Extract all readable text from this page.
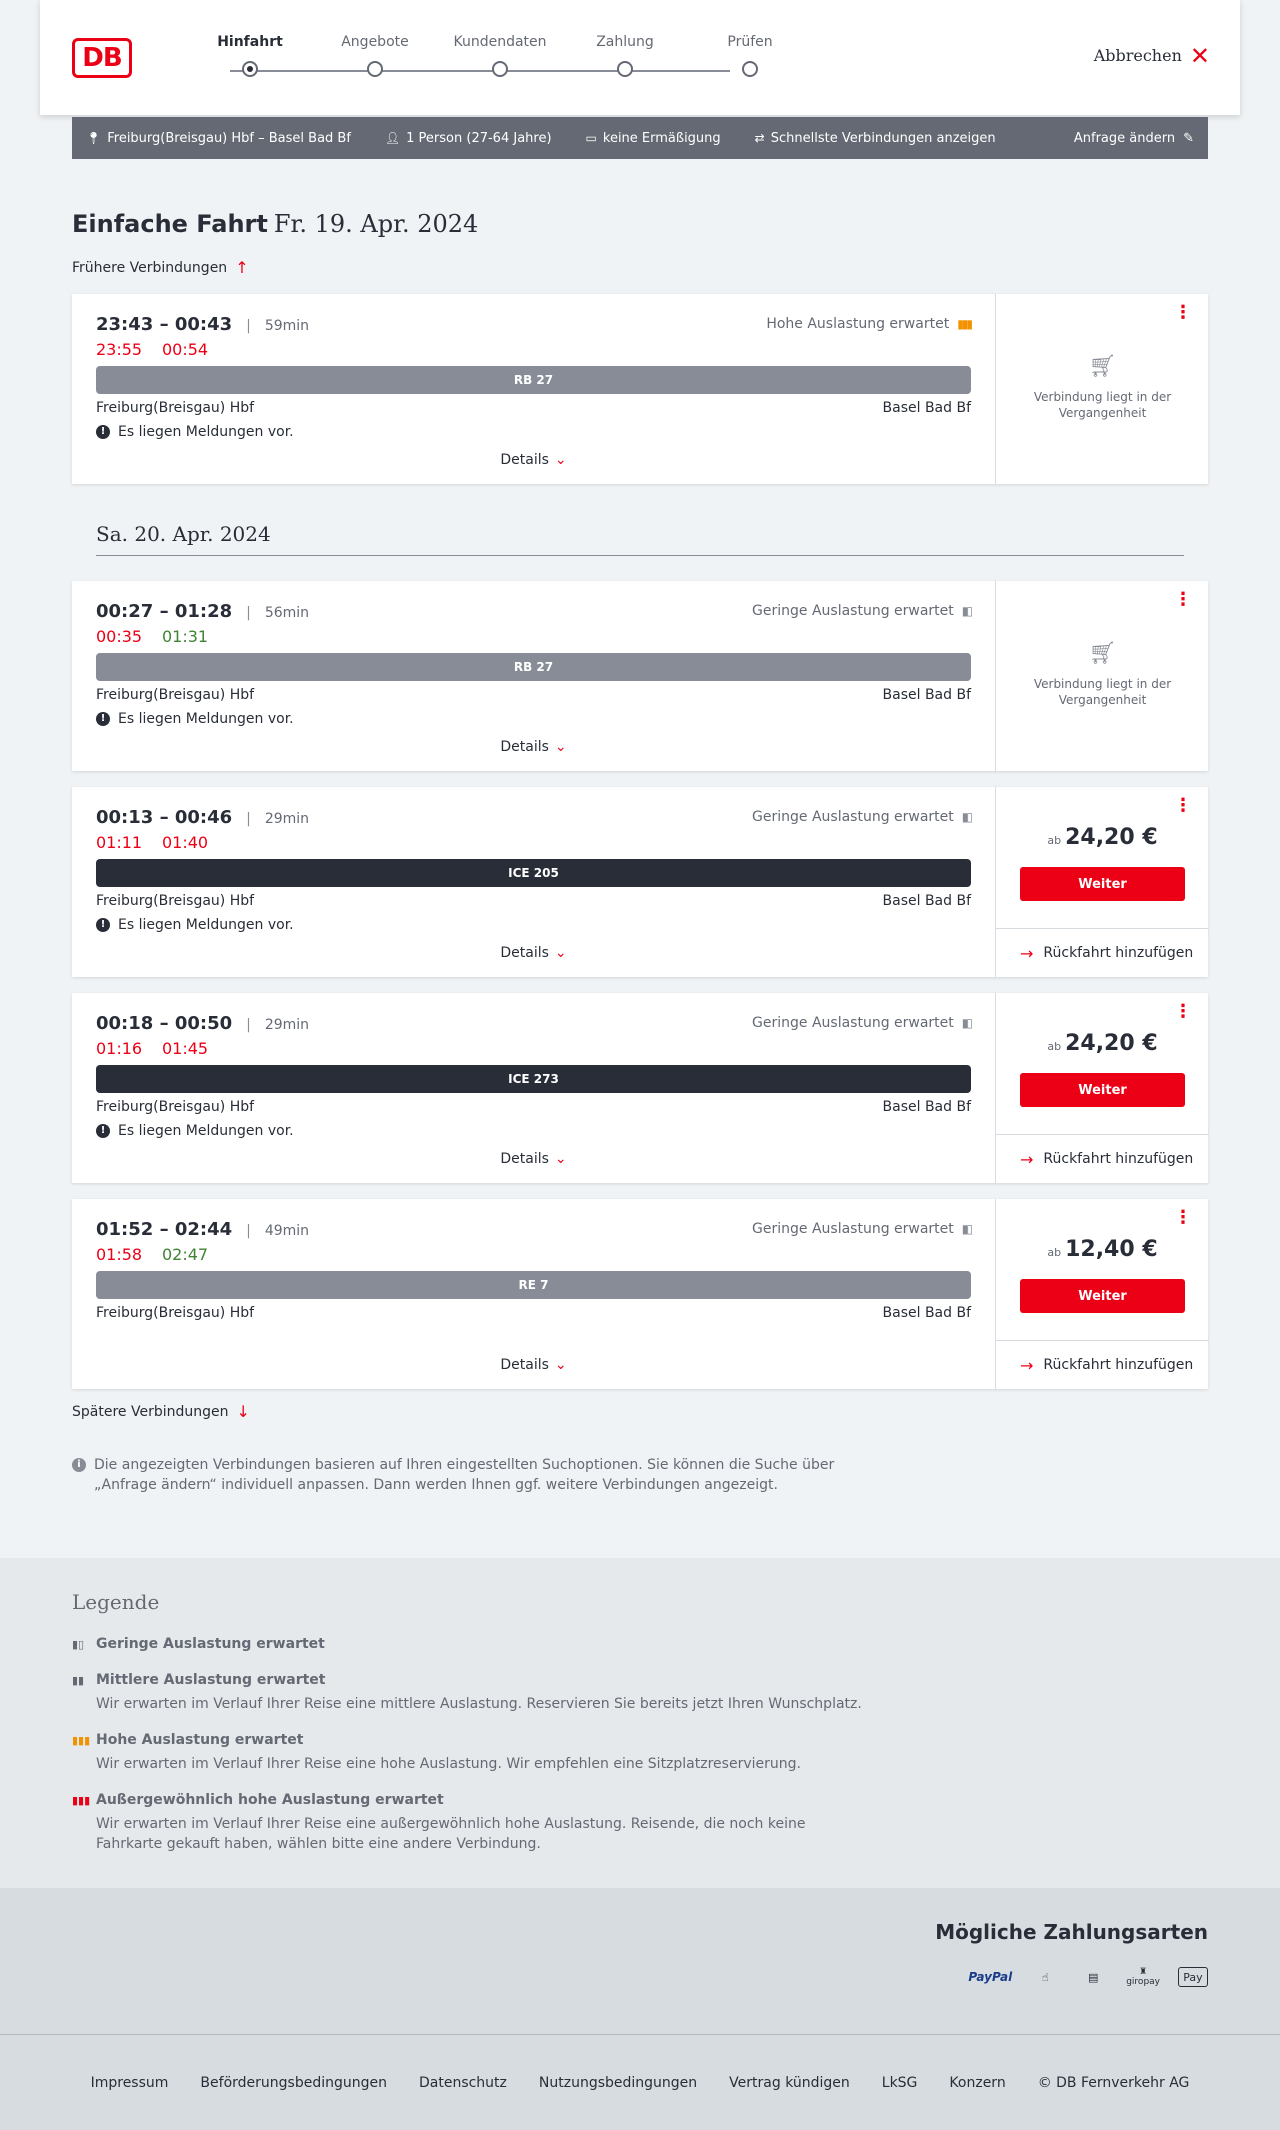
DB
Hinfahrt	Angebote	Kundendaten	Zahlung	Prüfen
Abbrechen ✕
📍︎ Freiburg(Breisgau) Hbf – Basel Bad Bf	👤︎ 1 Person (27-64 Jahre)	▭ keine Ermäßigung	⇄ Schnellste Verbindungen anzeigen	Anfrage ändern ✎
Einfache Fahrt Fr. 19. Apr. 2024
Frühere Verbindungen ↑
23:43 – 00:43 | 59min
23:55 00:54
Hohe Auslastung erwartet ▮▮▮
RB 27
Freiburg(Breisgau) Hbf	Basel Bad Bf
! Es liegen Meldungen vor.
Details ⌄
⋮
🛒︎
Verbindung liegt in der Vergangenheit
00:27 – 01:28 | 56min
00:35 01:31
Geringe Auslastung erwartet ▮▯
RB 27
Freiburg(Breisgau) Hbf	Basel Bad Bf
! Es liegen Meldungen vor.
Details ⌄
⋮
🛒︎
Verbindung liegt in der Vergangenheit
00:13 – 00:46 | 29min
01:11 01:40
Geringe Auslastung erwartet ▮▯
ICE 205
Freiburg(Breisgau) Hbf	Basel Bad Bf
! Es liegen Meldungen vor.
Details ⌄
⋮
ab 24,20 €
Weiter
→ Rückfahrt hinzufügen
00:18 – 00:50 | 29min
01:16 01:45
Geringe Auslastung erwartet ▮▯
ICE 273
Freiburg(Breisgau) Hbf	Basel Bad Bf
! Es liegen Meldungen vor.
Details ⌄
⋮
ab 24,20 €
Weiter
→ Rückfahrt hinzufügen
01:52 – 02:44 | 49min
01:58 02:47
Geringe Auslastung erwartet ▮▯
RE 7
Freiburg(Breisgau) Hbf	Basel Bad Bf
Details ⌄
⋮
ab 12,40 €
Weiter
→ Rückfahrt hinzufügen
Sa. 20. Apr. 2024
Spätere Verbindungen ↓
i Die angezeigten Verbindungen basieren auf Ihren eingestellten Suchoptionen. Sie können die Suche über „Anfrage ändern“ individuell anpassen. Dann werden Ihnen ggf. weitere Verbindungen angezeigt.
Legende
▮▯ Geringe Auslastung erwartet
▮▮ Mittlere Auslastung erwartet
Wir erwarten im Verlauf Ihrer Reise eine mittlere Auslastung. Reservieren Sie bereits jetzt Ihren Wunschplatz.
▮▮▮ Hohe Auslastung erwartet
Wir erwarten im Verlauf Ihrer Reise eine hohe Auslastung. Wir empfehlen eine Sitzplatzreservierung.
▮▮▮ Außergewöhnlich hohe Auslastung erwartet
Wir erwarten im Verlauf Ihrer Reise eine außergewöhnlich hohe Auslastung. Reisende, die noch keine Fahrkarte gekauft haben, wählen bitte eine andere Verbindung.
Mögliche Zahlungsarten
PayPal	☝︎	▤	♜
giropay Pay
Impressum Beförderungsbedingungen Datenschutz Nutzungsbedingungen Vertrag kündigen LkSG Konzern © DB Fernverkehr AG
